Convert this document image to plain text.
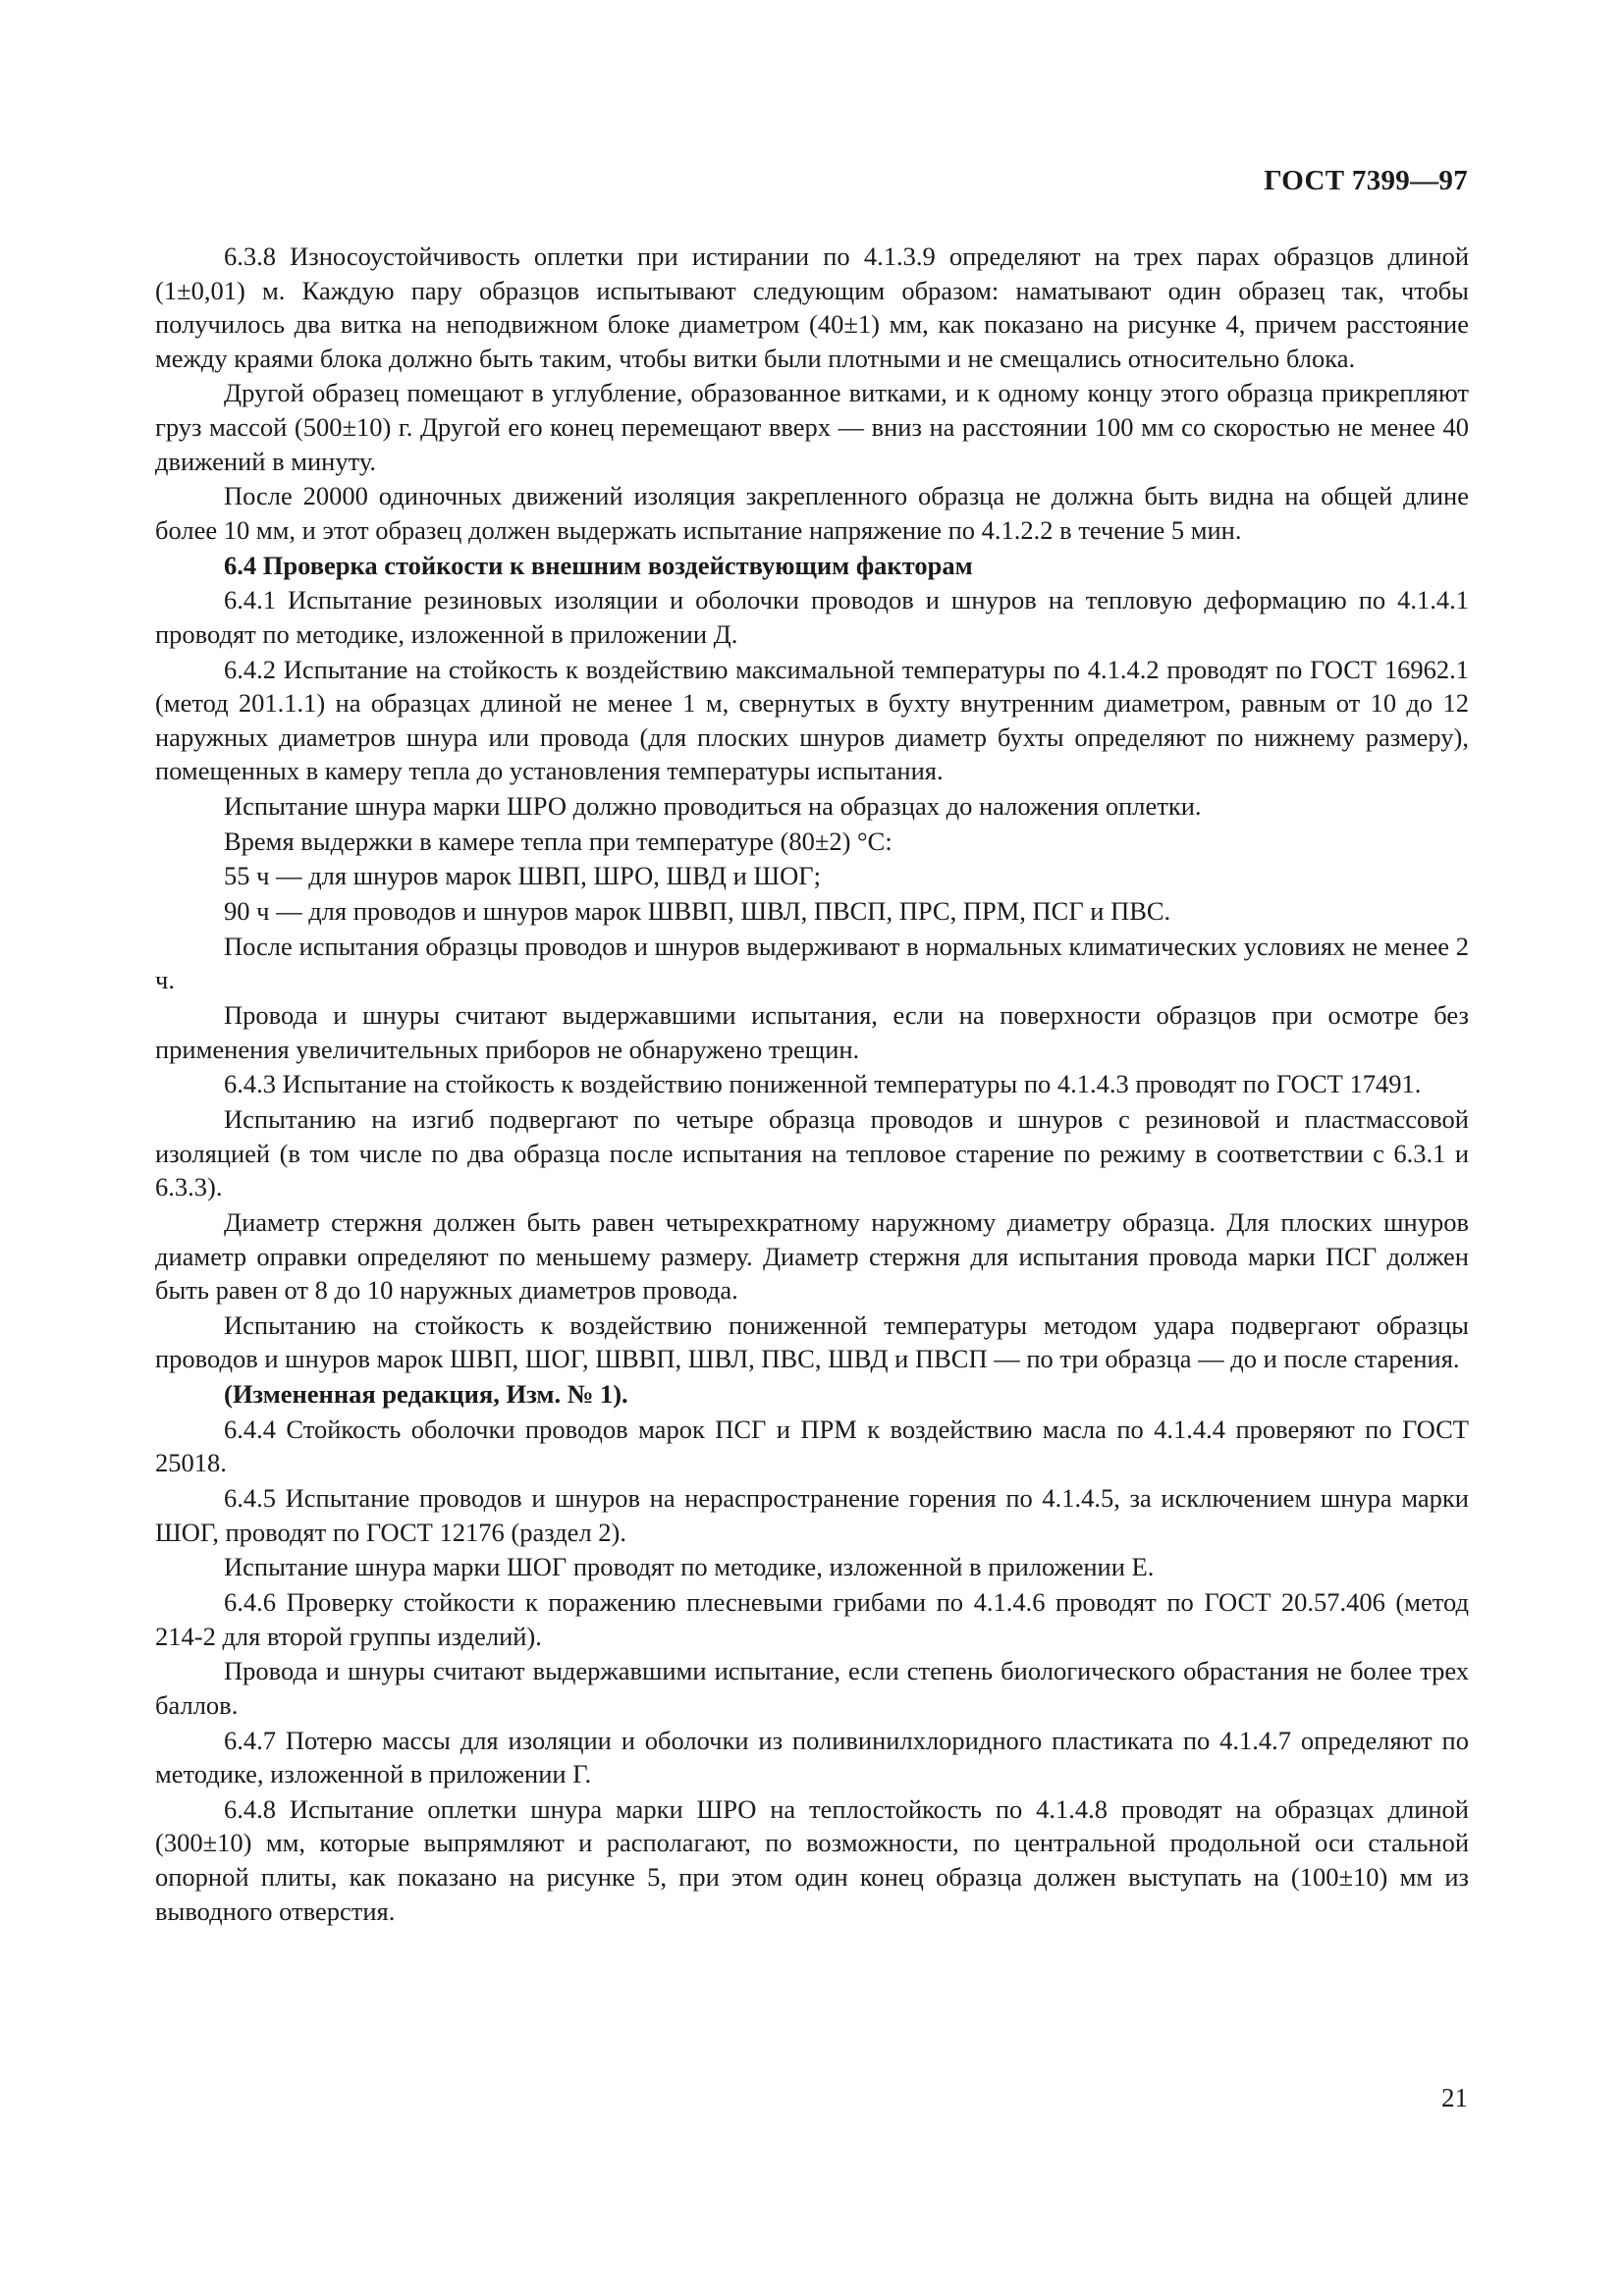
ГОСТ 7399—97

6.3.8 Износоустойчивость оплетки при истирании по 4.1.3.9 определяют на трех парах образцов длиной (1±0,01) м. Каждую пару образцов испытывают следующим образом: наматывают один образец так, чтобы получилось два витка на неподвижном блоке диаметром (40±1) мм, как показано на рисунке 4, причем расстояние между краями блока должно быть таким, чтобы витки были плотными и не смещались относительно блока.

Другой образец помещают в углубление, образованное витками, и к одному концу этого образца прикрепляют груз массой (500±10) г. Другой его конец перемещают вверх — вниз на расстоянии 100 мм со скоростью не менее 40 движений в минуту.

После 20000 одиночных движений изоляция закрепленного образца не должна быть видна на общей длине более 10 мм, и этот образец должен выдержать испытание напряжение по 4.1.2.2 в течение 5 мин.

6.4 Проверка стойкости к внешним воздействующим факторам

6.4.1 Испытание резиновых изоляции и оболочки проводов и шнуров на тепловую деформацию по 4.1.4.1 проводят по методике, изложенной в приложении Д.

6.4.2 Испытание на стойкость к воздействию максимальной температуры по 4.1.4.2 проводят по ГОСТ 16962.1 (метод 201.1.1) на образцах длиной не менее 1 м, свернутых в бухту внутренним диаметром, равным от 10 до 12 наружных диаметров шнура или провода (для плоских шнуров диаметр бухты определяют по нижнему размеру), помещенных в камеру тепла до установления температуры испытания.

Испытание шнура марки ШРО должно проводиться на образцах до наложения оплетки.

Время выдержки в камере тепла при температуре (80±2) °С:

55 ч — для шнуров марок ШВП, ШРО, ШВД и ШОГ;

90 ч — для проводов и шнуров марок ШВВП, ШВЛ, ПВСП, ПРС, ПРМ, ПСГ и ПВС.

После испытания образцы проводов и шнуров выдерживают в нормальных климатических условиях не менее 2 ч.

Провода и шнуры считают выдержавшими испытания, если на поверхности образцов при осмотре без применения увеличительных приборов не обнаружено трещин.

6.4.3 Испытание на стойкость к воздействию пониженной температуры по 4.1.4.3 проводят по ГОСТ 17491.

Испытанию на изгиб подвергают по четыре образца проводов и шнуров с резиновой и пластмассовой изоляцией (в том числе по два образца после испытания на тепловое старение по режиму в соответствии с 6.3.1 и 6.3.3).

Диаметр стержня должен быть равен четырехкратному наружному диаметру образца. Для плоских шнуров диаметр оправки определяют по меньшему размеру. Диаметр стержня для испытания провода марки ПСГ должен быть равен от 8 до 10 наружных диаметров провода.

Испытанию на стойкость к воздействию пониженной температуры методом удара подвергают образцы проводов и шнуров марок ШВП, ШОГ, ШВВП, ШВЛ, ПВС, ШВД и ПВСП — по три образца — до и после старения.

(Измененная редакция, Изм. № 1).

6.4.4 Стойкость оболочки проводов марок ПСГ и ПРМ к воздействию масла по 4.1.4.4 проверяют по ГОСТ 25018.

6.4.5 Испытание проводов и шнуров на нераспространение горения по 4.1.4.5, за исключением шнура марки ШОГ, проводят по ГОСТ 12176 (раздел 2).

Испытание шнура марки ШОГ проводят по методике, изложенной в приложении Е.

6.4.6 Проверку стойкости к поражению плесневыми грибами по 4.1.4.6 проводят по ГОСТ 20.57.406 (метод 214-2 для второй группы изделий).

Провода и шнуры считают выдержавшими испытание, если степень биологического обрастания не более трех баллов.

6.4.7 Потерю массы для изоляции и оболочки из поливинилхлоридного пластиката по 4.1.4.7 определяют по методике, изложенной в приложении Г.

6.4.8 Испытание оплетки шнура марки ШРО на теплостойкость по 4.1.4.8 проводят на образцах длиной (300±10) мм, которые выпрямляют и располагают, по возможности, по центральной продольной оси стальной опорной плиты, как показано на рисунке 5, при этом один конец образца должен выступать на (100±10) мм из выводного отверстия.

21
